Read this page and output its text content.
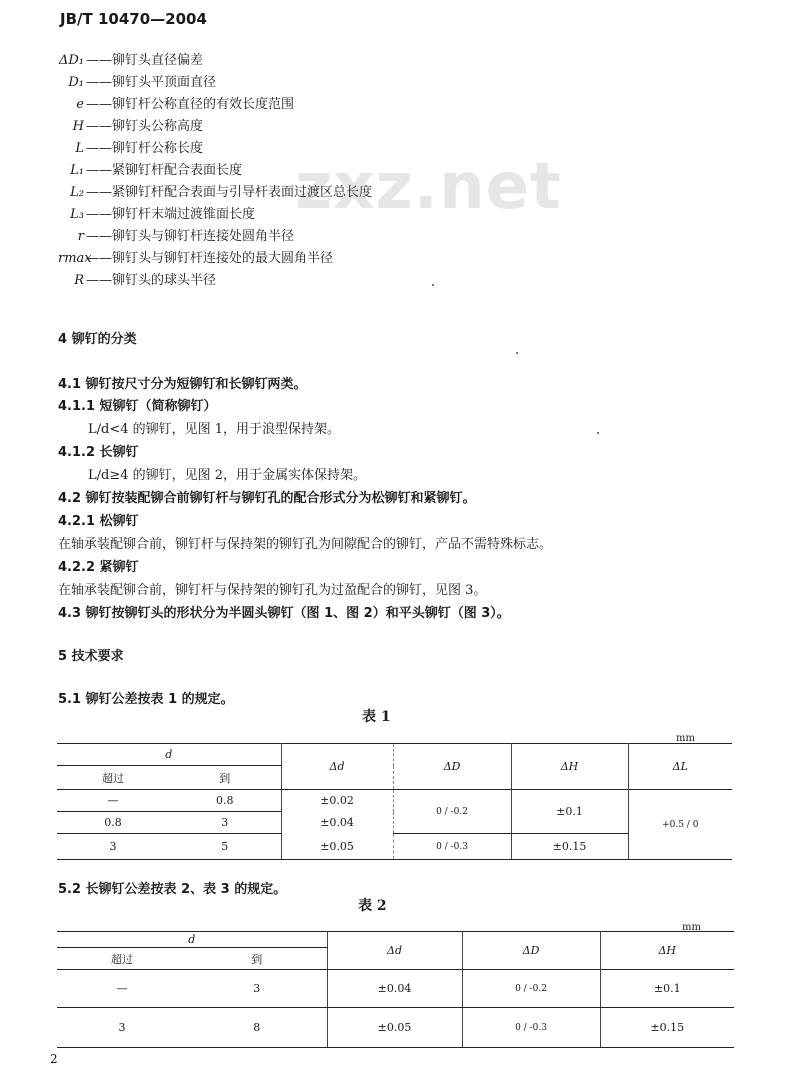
JB/T 10470—2004
zxz.net
ΔD₁ ——铆钉头直径偏差
D₁ ——铆钉头平顶面直径
e ——铆钉杆公称直径的有效长度范围
H ——铆钉头公称高度
L ——铆钉杆公称长度
L₁ ——紧铆钉杆配合表面长度
L₂ ——紧铆钉杆配合表面与引导杆表面过渡区总长度
L₃ ——铆钉杆末端过渡锥面长度
r ——铆钉头与铆钉杆连接处圆角半径
rmax——铆钉头与铆钉杆连接处的最大圆角半径
R ——铆钉头的球头半径
4 铆钉的分类
4.1 铆钉按尺寸分为短铆钉和长铆钉两类。
4.1.1 短铆钉（简称铆钉）
L/d<4 的铆钉，见图 1，用于浪型保持架。
4.1.2 长铆钉
L/d≥4 的铆钉，见图 2，用于金属实体保持架。
4.2 铆钉按装配铆合前铆钉杆与铆钉孔的配合形式分为松铆钉和紧铆钉。
4.2.1 松铆钉
在轴承装配铆合前，铆钉杆与保持架的铆钉孔为间隙配合的铆钉，产品不需特殊标志。
4.2.2 紧铆钉
在轴承装配铆合前，铆钉杆与保持架的铆钉孔为过盈配合的铆钉，见图 3。
4.3 铆钉按铆钉头的形状分为半圆头铆钉（图 1、图 2）和平头铆钉（图 3）。
5 技术要求
5.1 铆钉公差按表 1 的规定。
表 1
mm
d		Δd	ΔD	ΔH	ΔL
超过	到				
—	0.8	±0.02	0 / -0.2	±0.1	+0.5 / 0
0.8	3	±0.04			
3	5	±0.05	0 / -0.3	±0.15	
5.2 长铆钉公差按表 2、表 3 的规定。
表 2
mm
d		Δd	ΔD	ΔH
超过	到			
—	3	±0.04	0 / -0.2	±0.1
3	8	±0.05	0 / -0.3	±0.15
2
